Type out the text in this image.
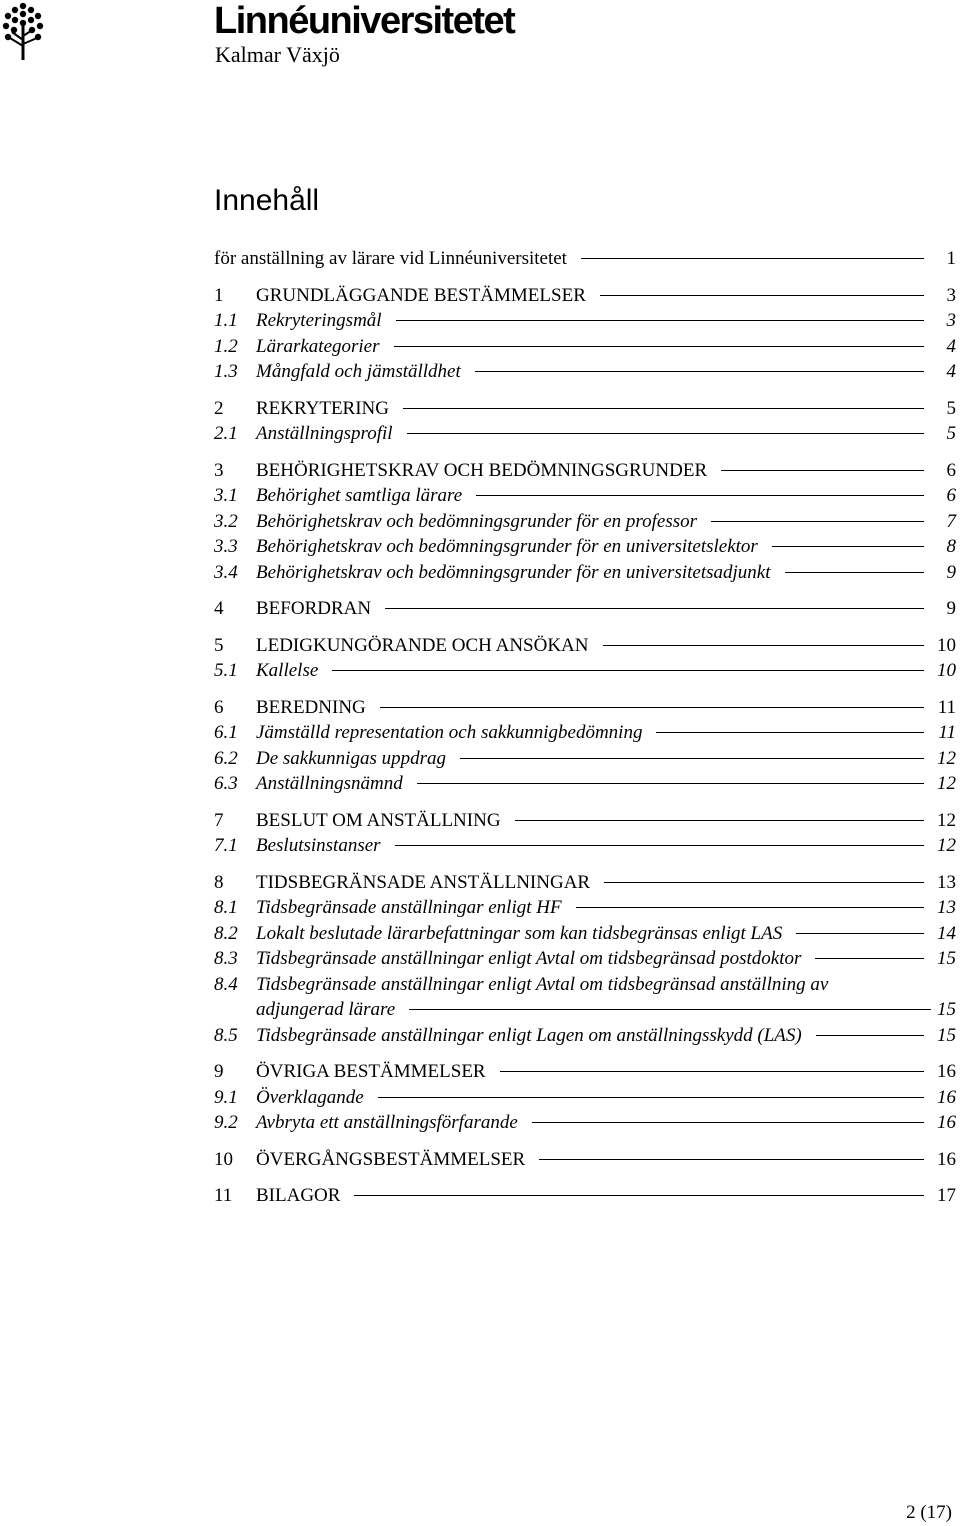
Linnéuniversitetet
Kalmar Växjö
Innehåll
för anställning av lärare vid Linnéuniversitetet	1
1 GRUNDLÄGGANDE BESTÄMMELSER	3
1.1 Rekryteringsmål	3
1.2 Lärarkategorier	4
1.3 Mångfald och jämställdhet	4
2 REKRYTERING	5
2.1 Anställningsprofil	5
3 BEHÖRIGHETSKRAV OCH BEDÖMNINGSGRUNDER	6
3.1 Behörighet samtliga lärare	6
3.2 Behörighetskrav och bedömningsgrunder för en professor	7
3.3 Behörighetskrav och bedömningsgrunder för en universitetslektor	8
3.4 Behörighetskrav och bedömningsgrunder för en universitetsadjunkt	9
4 BEFORDRAN	9
5 LEDIGKUNGÖRANDE OCH ANSÖKAN	10
5.1 Kallelse	10
6 BEREDNING	11
6.1 Jämställd representation och sakkunnigbedömning	11
6.2 De sakkunnigas uppdrag	12
6.3 Anställningsnämnd	12
7 BESLUT OM ANSTÄLLNING	12
7.1 Beslutsinstanser	12
8 TIDSBEGRÄNSADE ANSTÄLLNINGAR	13
8.1 Tidsbegränsade anställningar enligt HF	13
8.2 Lokalt beslutade lärarbefattningar som kan tidsbegränsas enligt LAS	14
8.3 Tidsbegränsade anställningar enligt Avtal om tidsbegränsad postdoktor	15
8.4 Tidsbegränsade anställningar enligt Avtal om tidsbegränsad anställning av
adjungerad lärare	15
8.5 Tidsbegränsade anställningar enligt Lagen om anställningsskydd (LAS)	15
9 ÖVRIGA BESTÄMMELSER	16
9.1 Överklagande	16
9.2 Avbryta ett anställningsförfarande	16
10 ÖVERGÅNGSBESTÄMMELSER	16
11 BILAGOR	17
2 (17)
